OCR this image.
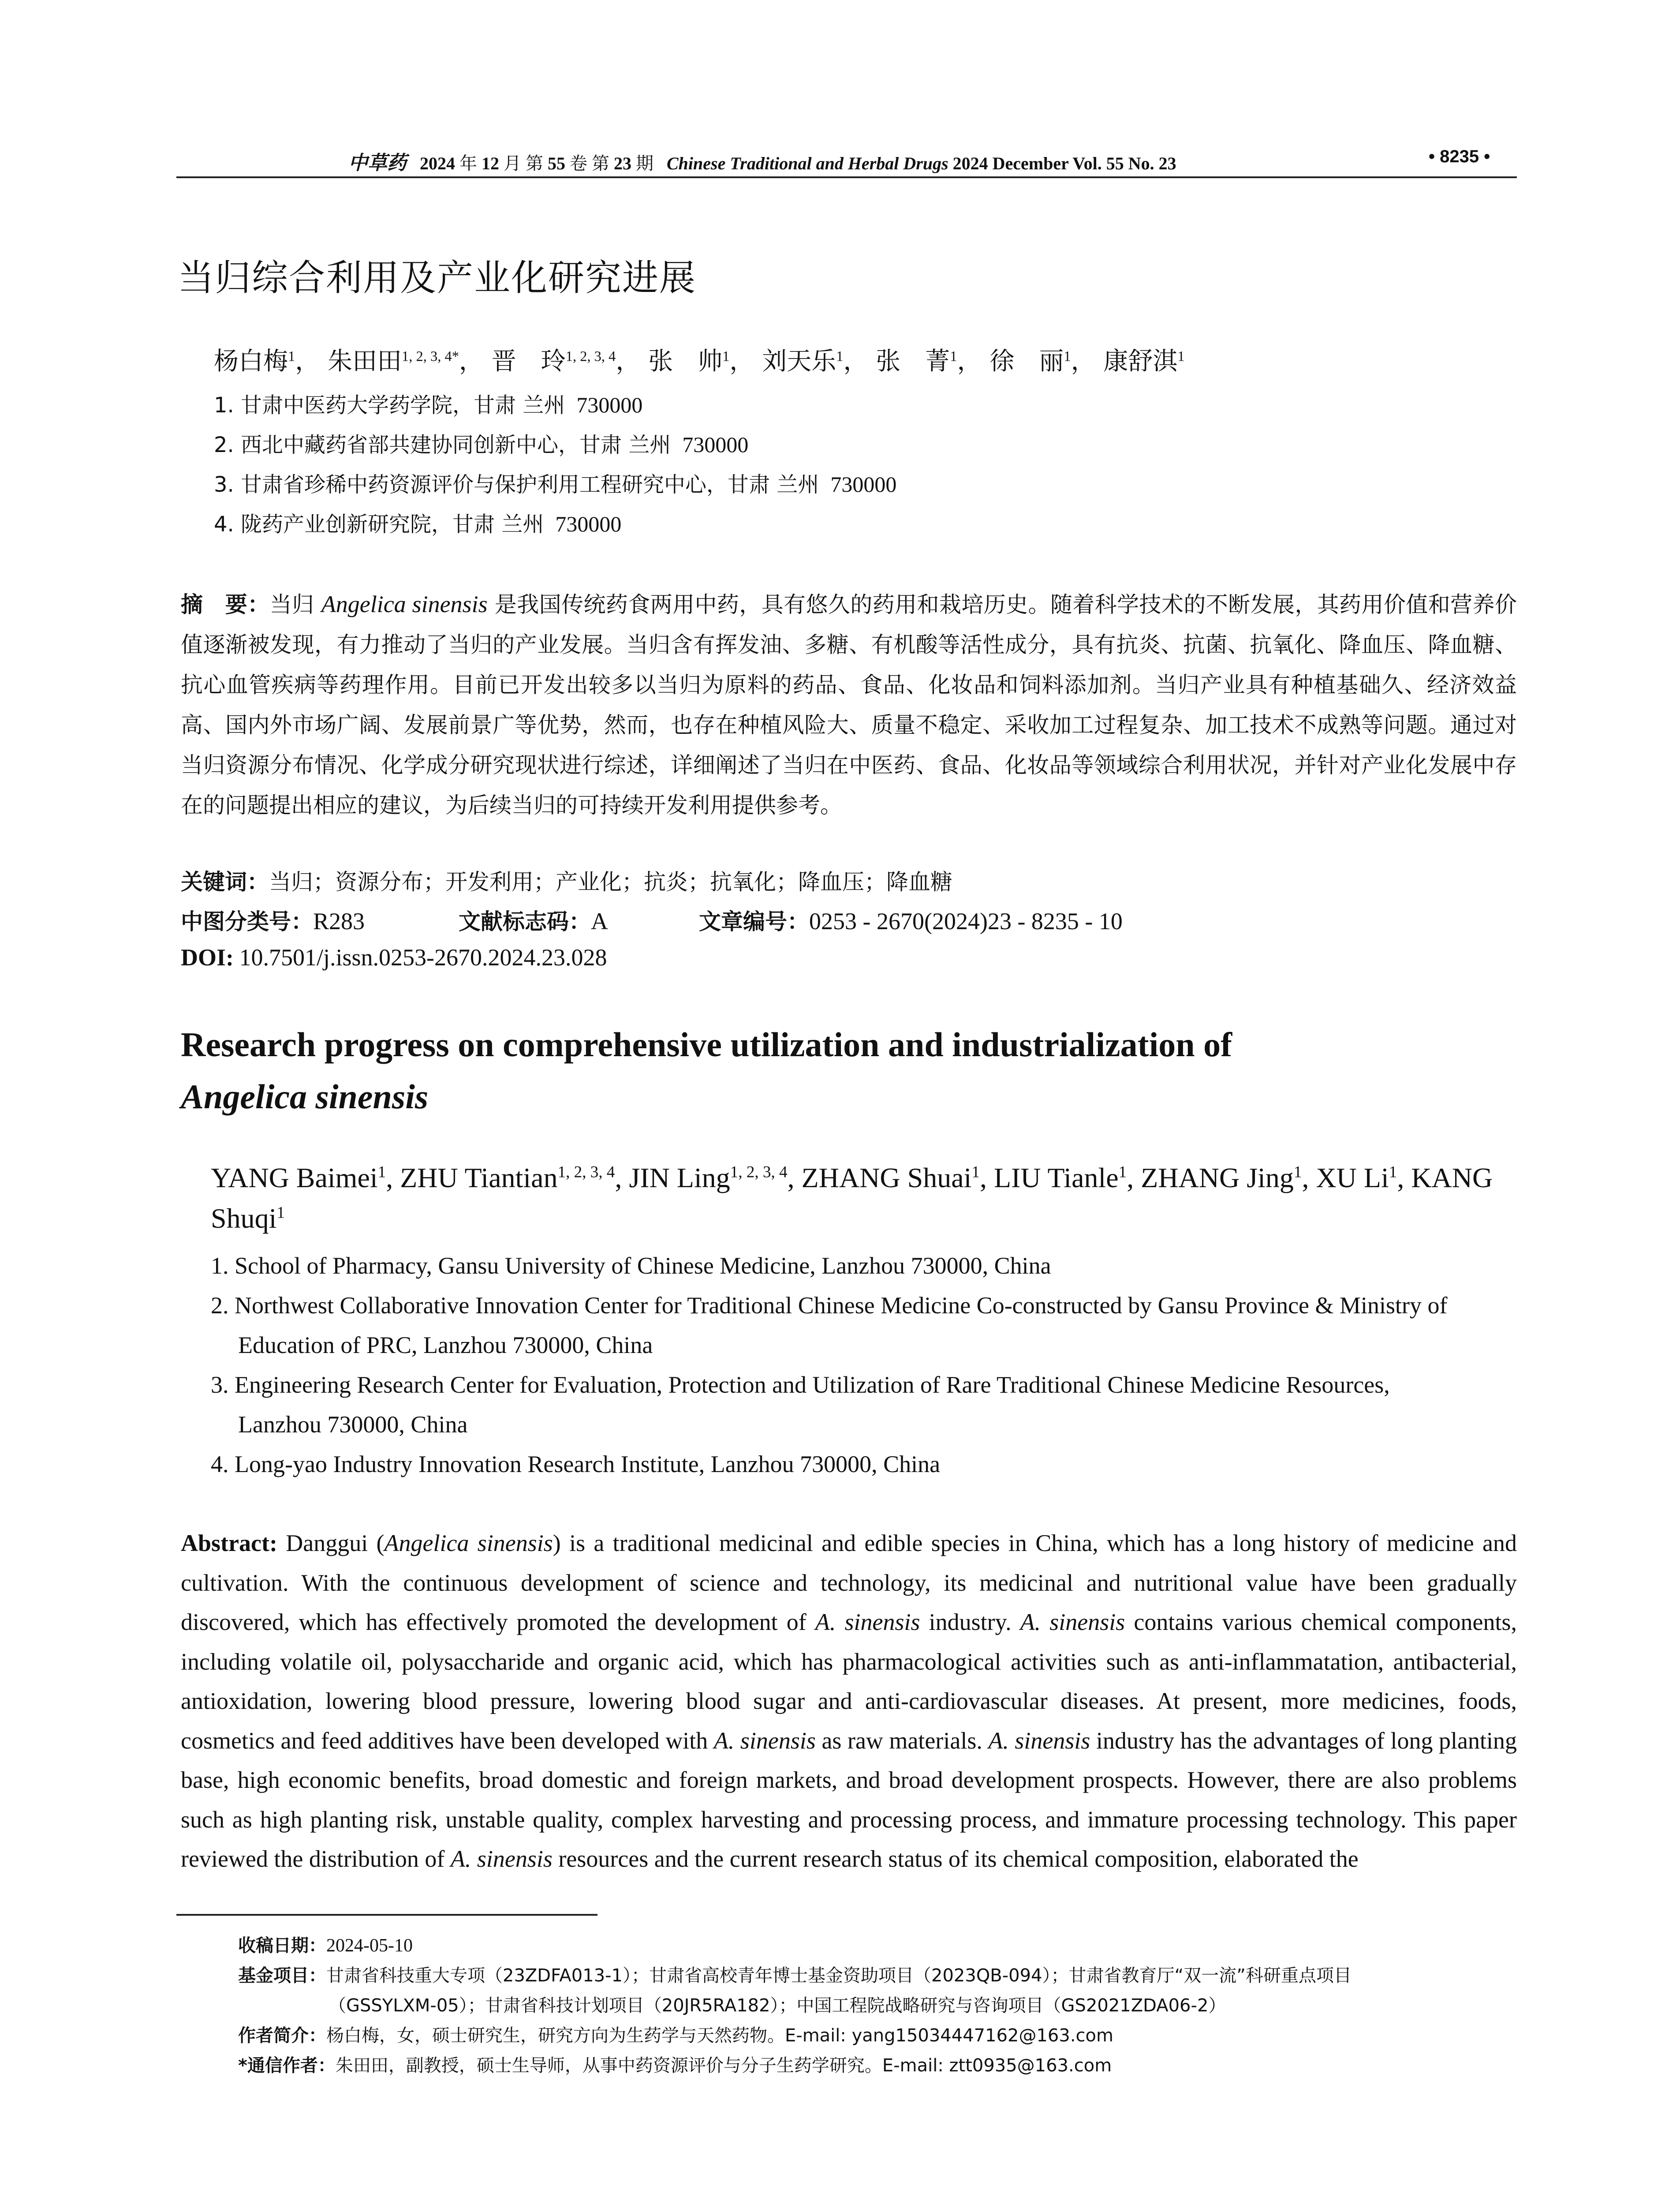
中草药 2024 年 12 月 第 55 卷 第 23 期 Chinese Traditional and Herbal Drugs 2024 December Vol. 55 No. 23	• 8235 •
当归综合利用及产业化研究进展
杨白梅$^1$， 朱田田$^{1, 2, 3, 4*}$， 晋　玲$^{1, 2, 3, 4}$， 张　帅$^1$， 刘天乐$^1$， 张　菁$^1$， 徐　丽$^1$， 康舒淇$^1$
1. 甘肃中医药大学药学院，甘肃 兰州 730000
2. 西北中藏药省部共建协同创新中心，甘肃 兰州 730000
3. 甘肃省珍稀中药资源评价与保护利用工程研究中心，甘肃 兰州 730000
4. 陇药产业创新研究院，甘肃 兰州 730000
摘　要：当归 Angelica sinensis 是我国传统药食两用中药，具有悠久的药用和栽培历史。随着科学技术的不断发展，其药用价值和营养价值逐渐被发现，有力推动了当归的产业发展。当归含有挥发油、多糖、有机酸等活性成分，具有抗炎、抗菌、抗氧化、降血压、降血糖、抗心血管疾病等药理作用。目前已开发出较多以当归为原料的药品、食品、化妆品和饲料添加剂。当归产业具有种植基础久、经济效益高、国内外市场广阔、发展前景广等优势，然而，也存在种植风险大、质量不稳定、采收加工过程复杂、加工技术不成熟等问题。通过对当归资源分布情况、化学成分研究现状进行综述，详细阐述了当归在中医药、食品、化妆品等领域综合利用状况，并针对产业化发展中存在的问题提出相应的建议，为后续当归的可持续开发利用提供参考。
关键词：当归；资源分布；开发利用；产业化；抗炎；抗氧化；降血压；降血糖
中图分类号：R283	文献标志码：A	文章编号：0253 - 2670(2024)23 - 8235 - 10
DOI: 10.7501/j.issn.0253-2670.2024.23.028
Research progress on comprehensive utilization and industrialization of
Angelica sinensis
YANG Baimei$^1$, ZHU Tiantian$^{1, 2, 3, 4}$, JIN Ling$^{1, 2, 3, 4}$, ZHANG Shuai$^1$, LIU Tianle$^1$, ZHANG Jing$^1$, XU Li$^1$, KANG Shuqi$^1$
1. School of Pharmacy, Gansu University of Chinese Medicine, Lanzhou 730000, China
2. Northwest Collaborative Innovation Center for Traditional Chinese Medicine Co-constructed by Gansu Province & Ministry of
Education of PRC, Lanzhou 730000, China
3. Engineering Research Center for Evaluation, Protection and Utilization of Rare Traditional Chinese Medicine Resources,
Lanzhou 730000, China
4. Long-yao Industry Innovation Research Institute, Lanzhou 730000, China
Abstract: Danggui (Angelica sinensis) is a traditional medicinal and edible species in China, which has a long history of medicine and cultivation. With the continuous development of science and technology, its medicinal and nutritional value have been gradually discovered, which has effectively promoted the development of A. sinensis industry. A. sinensis contains various chemical components, including volatile oil, polysaccharide and organic acid, which has pharmacological activities such as anti-inflammatation, antibacterial, antioxidation, lowering blood pressure, lowering blood sugar and anti-cardiovascular diseases. At present, more medicines, foods, cosmetics and feed additives have been developed with A. sinensis as raw materials. A. sinensis industry has the advantages of long planting base, high economic benefits, broad domestic and foreign markets, and broad development prospects. However, there are also problems such as high planting risk, unstable quality, complex harvesting and processing process, and immature processing technology. This paper reviewed the distribution of A. sinensis resources and the current research status of its chemical composition, elaborated the
收稿日期：2024-05-10
基金项目：甘肃省科技重大专项（23ZDFA013-1）；甘肃省高校青年博士基金资助项目（2023QB-094）；甘肃省教育厅“双一流”科研重点项目
（GSSYLXM-05）；甘肃省科技计划项目（20JR5RA182）；中国工程院战略研究与咨询项目（GS2021ZDA06-2）
作者简介：杨白梅，女，硕士研究生，研究方向为生药学与天然药物。E-mail: yang15034447162@163.com
*通信作者：朱田田，副教授，硕士生导师，从事中药资源评价与分子生药学研究。E-mail: ztt0935@163.com
